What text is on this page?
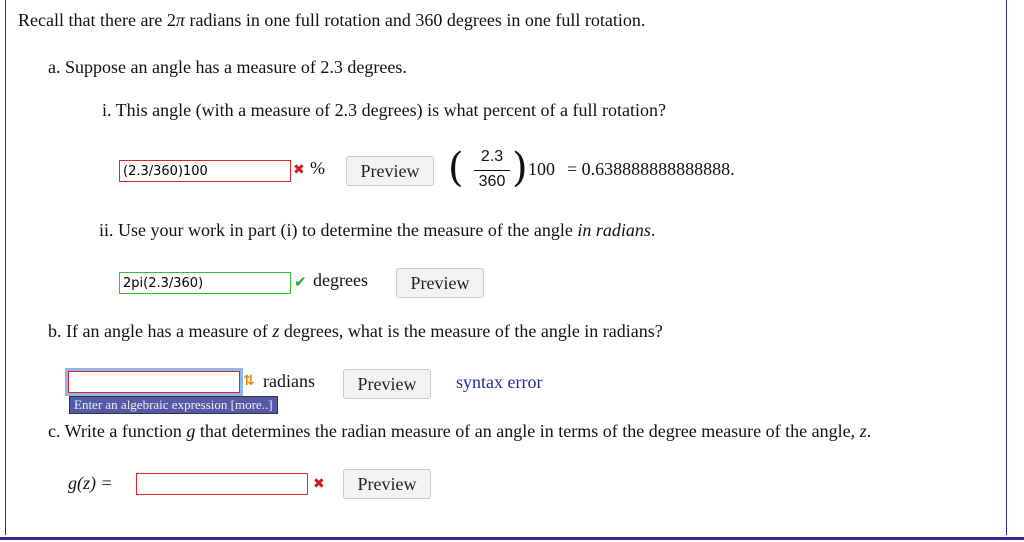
Recall that there are 2π radians in one full rotation and 360 degrees in one full rotation.
a. Suppose an angle has a measure of 2.3 degrees.
i. This angle (with a measure of 2.3 degrees) is what percent of a full rotation?
(2.3/360)100
✖ %	Preview (	2.3
360 ) 100 = 0.638888888888888.
ii. Use your work in part (i) to determine the measure of the angle in radians.
2pi(2.3/360)
✔ degrees	Preview
b. If an angle has a measure of z degrees, what is the measure of the angle in radians?
⇅ radians	Preview	syntax error
Enter an algebraic expression [more..]
c. Write a function g that determines the radian measure of an angle in terms of the degree measure of the angle, z.
g(z) =	✖	Preview
